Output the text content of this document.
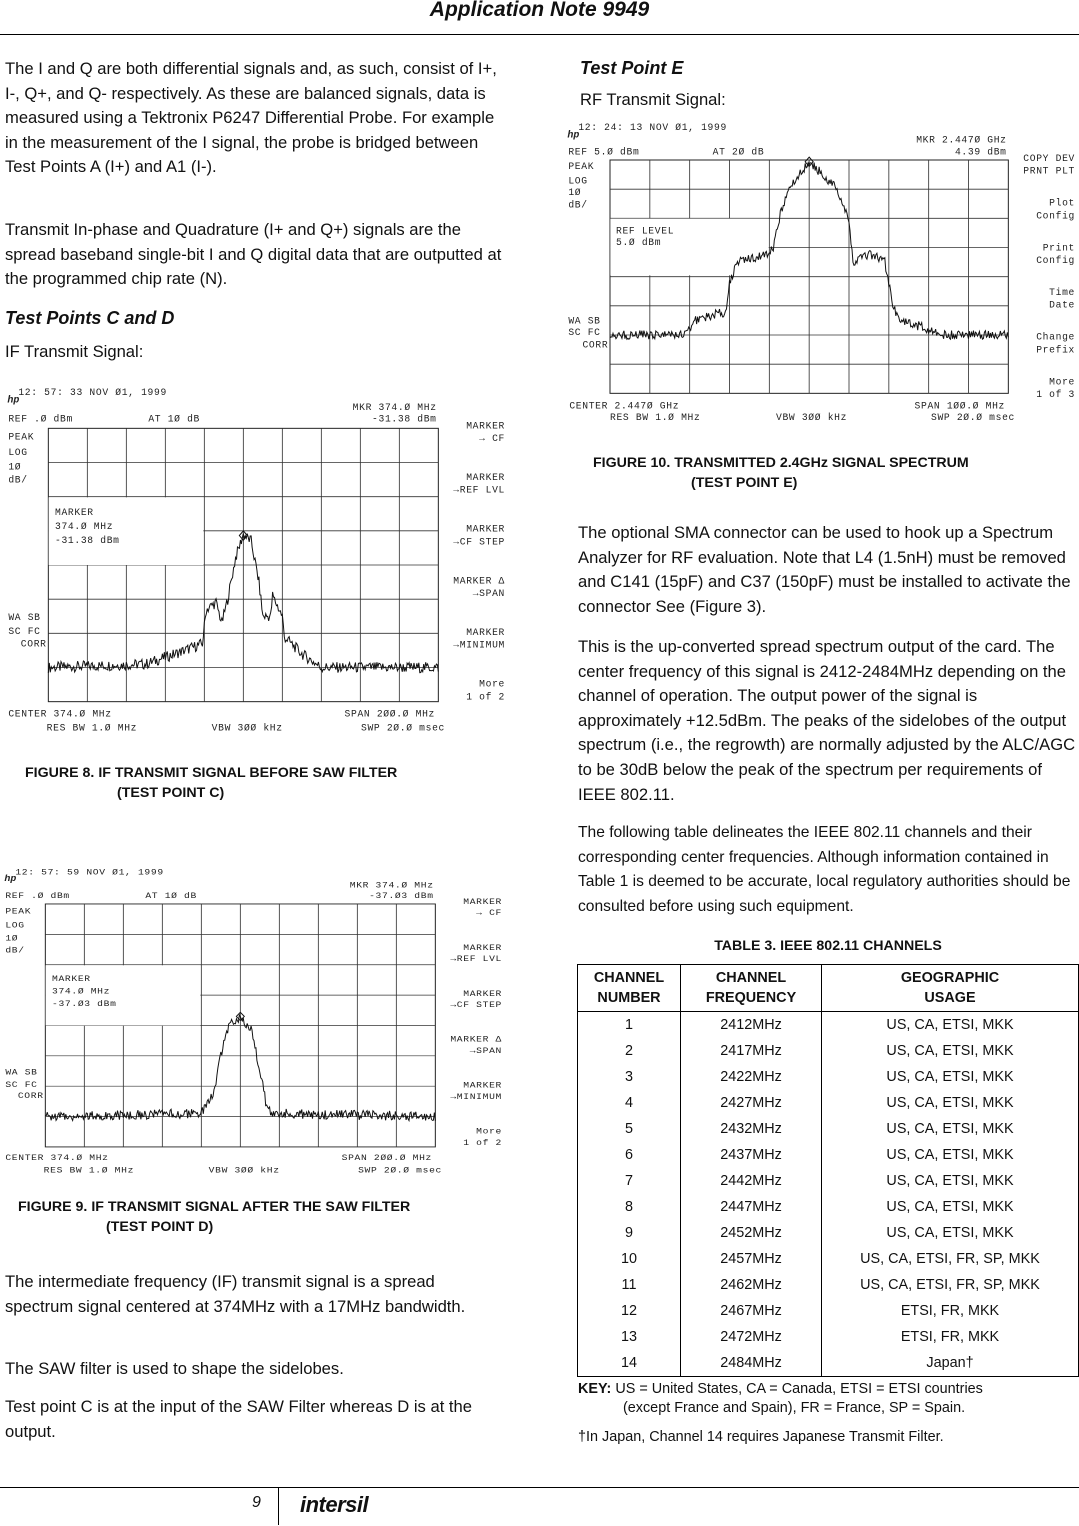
Application Note 9949

The I and Q are both differential signals and, as such, consist of I+, I-, Q+, and Q- respectively. As these are balanced signals, data is measured using a Tektronix P6247 Differential Probe. For example in the measurement of the I signal, the probe is bridged between Test Points A (I+) and A1 (I-).

Transmit In-phase and Quadrature (I+ and Q+) signals are the spread baseband single-bit I and Q digital data that are outputted at the programmed chip rate (N).

Test Points C and D
IF Transmit Signal:
MARKER
374.Ø MHz
-31.38 dBm
hp
12: 57: 33 NOV Ø1, 1999
REF .Ø dBm	AT 1Ø dB
MKR 374.Ø MHz
-31.38 dBm
PEAK
LOG
1Ø
dB/
WA SB
SC FC
CORR
MARKER
→ CF
MARKER
→REF LVL
MARKER
→CF STEP
MARKER Δ
→SPAN
MARKER
→MINIMUM
More
1 of 2
CENTER 374.Ø MHz
RES BW 1.Ø MHz	VBW 3ØØ kHz
SPAN 2ØØ.Ø MHz
SWP 2Ø.Ø msec
FIGURE 8. IF TRANSMIT SIGNAL BEFORE SAW FILTER
(TEST POINT C)
MARKER
374.Ø MHz
-37.Ø3 dBm
hp
12: 57: 59 NOV Ø1, 1999
REF .Ø dBm	AT 1Ø dB
MKR 374.Ø MHz
-37.Ø3 dBm
PEAK
LOG
1Ø
dB/
WA SB
SC FC
CORR
MARKER
→ CF
MARKER
→REF LVL
MARKER
→CF STEP
MARKER Δ
→SPAN
MARKER
→MINIMUM
More
1 of 2
CENTER 374.Ø MHz
RES BW 1.Ø MHz	VBW 3ØØ kHz
SPAN 2ØØ.Ø MHz
SWP 2Ø.Ø msec
FIGURE 9. IF TRANSMIT SIGNAL AFTER THE SAW FILTER
(TEST POINT D)

The intermediate frequency (IF) transmit signal is a spread spectrum signal centered at 374MHz with a 17MHz bandwidth.

The SAW filter is used to shape the sidelobes.

Test point C is at the input of the SAW Filter whereas D is at the output.

Test Point E
RF Transmit Signal:
REF LEVEL
5.Ø dBm
hp
12: 24: 13 NOV Ø1, 1999
REF 5.Ø dBm	AT 2Ø dB
MKR 2.447Ø GHz
4.39 dBm
PEAK
LOG
1Ø
dB/
WA SB
SC FC
CORR
COPY DEV
PRNT PLT
Plot
Config
Print
Config
Time
Date
Change
Prefix
More
1 of 3
CENTER 2.447Ø GHz
RES BW 1.Ø MHz	VBW 3ØØ kHz
SPAN 1ØØ.Ø MHz
SWP 2Ø.Ø msec
FIGURE 10. TRANSMITTED 2.4GHz SIGNAL SPECTRUM
(TEST POINT E)

The optional SMA connector can be used to hook up a Spectrum Analyzer for RF evaluation. Note that L4 (1.5nH) must be removed and C141 (15pF) and C37 (150pF) must be installed to activate the connector See (Figure 3).

This is the up-converted spread spectrum output of the card. The center frequency of this signal is 2412-2484MHz depending on the channel of operation. The output power of the signal is approximately +12.5dBm. The peaks of the sidelobes of the output spectrum (i.e., the regrowth) are normally adjusted by the ALC/AGC to be 30dB below the peak of the spectrum per requirements of IEEE 802.11.

The following table delineates the IEEE 802.11 channels and their corresponding center frequencies. Although information contained in Table 1 is deemed to be accurate, local regulatory authorities should be consulted before using such equipment.

TABLE 3. IEEE 802.11 CHANNELS
CHANNEL
NUMBER	CHANNEL
FREQUENCY	GEOGRAPHIC
USAGE
1	2412MHz	US, CA, ETSI, MKK
2	2417MHz	US, CA, ETSI, MKK
3	2422MHz	US, CA, ETSI, MKK
4	2427MHz	US, CA, ETSI, MKK
5	2432MHz	US, CA, ETSI, MKK
6	2437MHz	US, CA, ETSI, MKK
7	2442MHz	US, CA, ETSI, MKK
8	2447MHz	US, CA, ETSI, MKK
9	2452MHz	US, CA, ETSI, MKK
10	2457MHz	US, CA, ETSI, FR, SP, MKK
11	2462MHz	US, CA, ETSI, FR, SP, MKK
12	2467MHz	ETSI, FR, MKK
13	2472MHz	ETSI, FR, MKK
14	2484MHz	Japan†
KEY: US = United States, CA = Canada, ETSI = ETSI countries
(except France and Spain), FR = France, SP = Spain.
†In Japan, Channel 14 requires Japanese Transmit Filter.
9 intersil
